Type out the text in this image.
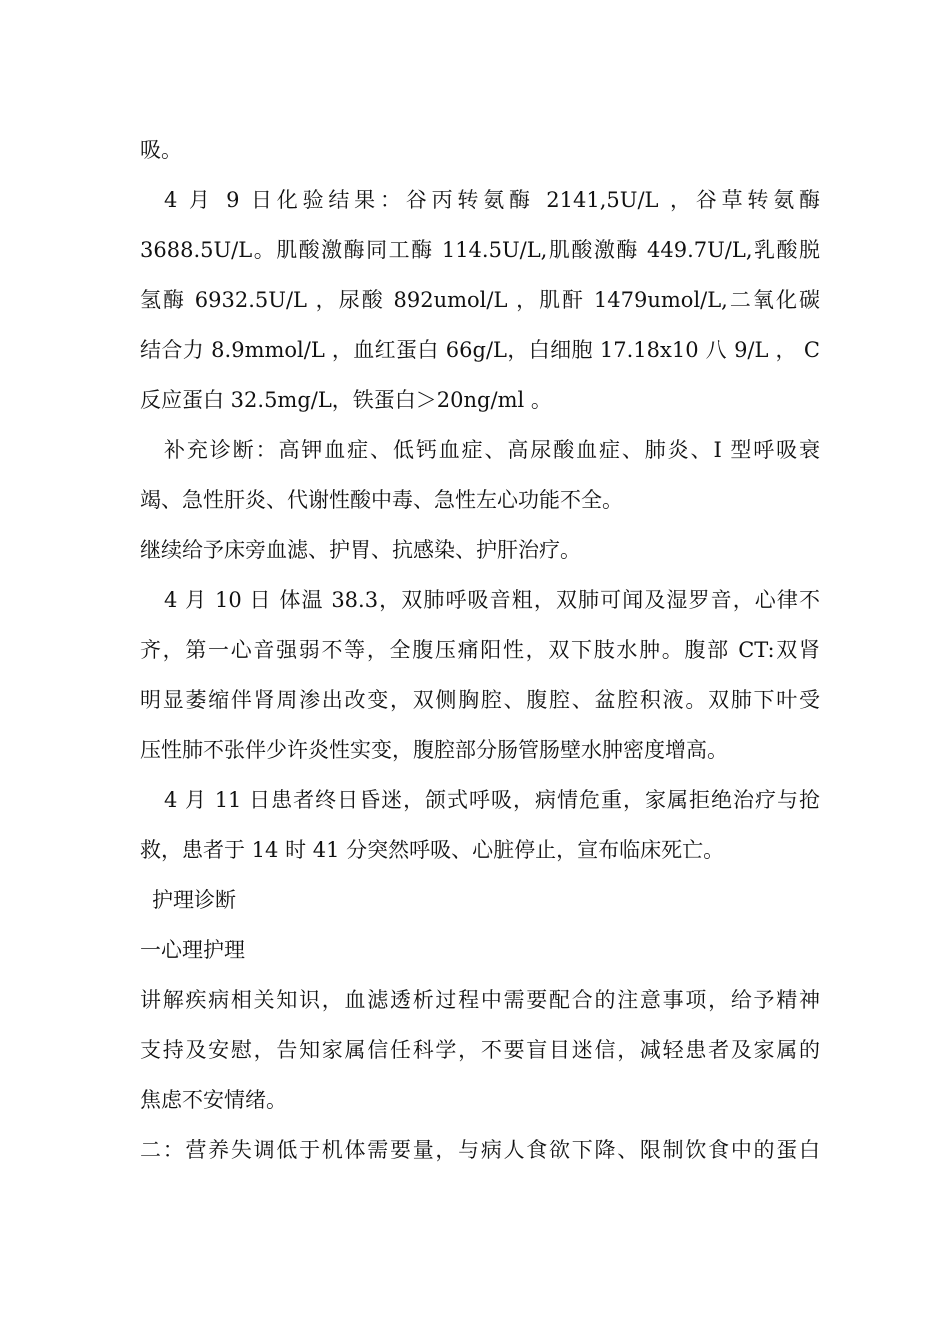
吸。
4 月 9 日化验结果：谷丙转氨酶 2141,5U/L ，谷草转氨酶
3688.5U/L。肌酸激酶同工酶 114.5U/L,肌酸激酶 449.7U/L,乳酸脱
氢酶 6932.5U/L ，尿酸 892umol/L ，肌酐 1479umol/L,二氧化碳
结合力 8.9mmol/L ，血红蛋白 66g/L，白细胞 17.18x10 八 9/L ， C
反应蛋白 32.5mg/L，铁蛋白＞20ng/ml 。
补充诊断：高钾血症、低钙血症、高尿酸血症、肺炎、I 型呼吸衰
竭、急性肝炎、代谢性酸中毒、急性左心功能不全。
继续给予床旁血滤、护胃、抗感染、护肝治疗。
4 月 10 日 体温 38.3，双肺呼吸音粗，双肺可闻及湿罗音，心律不
齐，第一心音强弱不等，全腹压痛阳性，双下肢水肿。腹部 CT:双肾
明显萎缩伴肾周渗出改变，双侧胸腔、腹腔、盆腔积液。双肺下叶受
压性肺不张伴少许炎性实变，腹腔部分肠管肠壁水肿密度增高。
4 月 11 日患者终日昏迷，颌式呼吸，病情危重，家属拒绝治疗与抢
救，患者于 14 时 41 分突然呼吸、心脏停止，宣布临床死亡。
护理诊断
一心理护理
讲解疾病相关知识，血滤透析过程中需要配合的注意事项，给予精神
支持及安慰，告知家属信任科学，不要盲目迷信，减轻患者及家属的
焦虑不安情绪。
二：营养失调低于机体需要量，与病人食欲下降、限制饮食中的蛋白
